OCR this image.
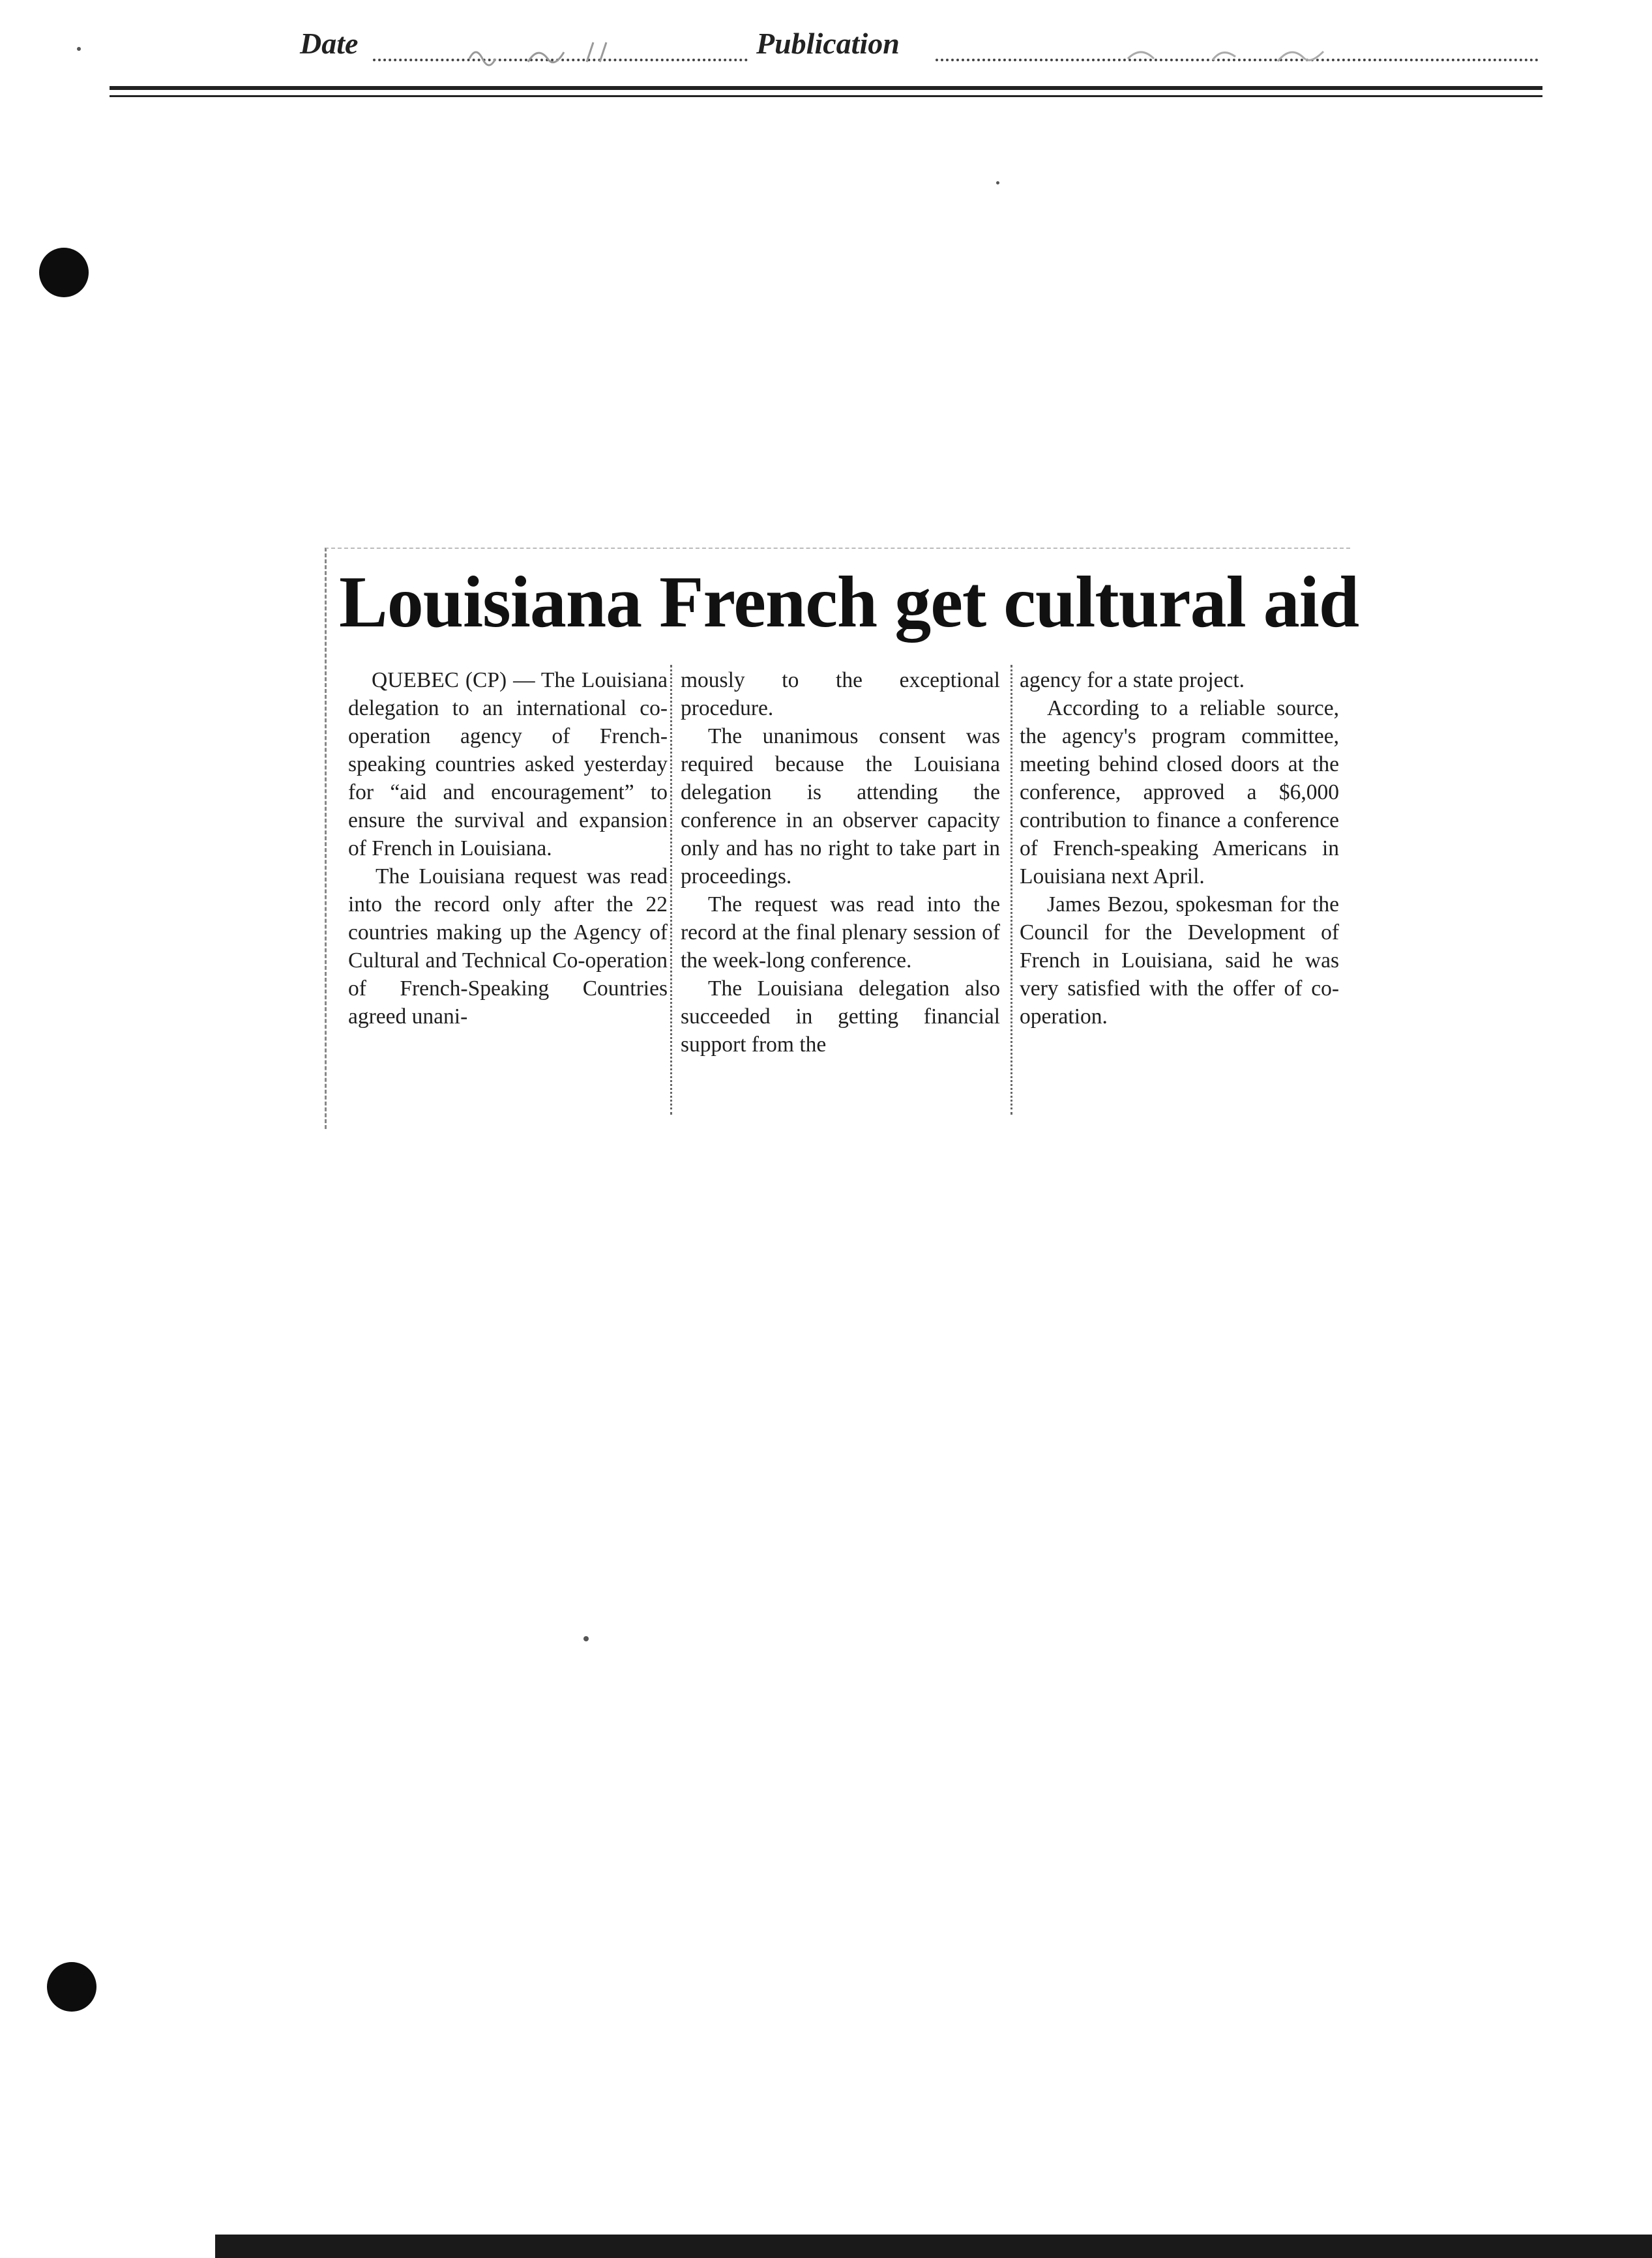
Date	Publication
Louisiana French get cultural aid

QUEBEC (CP) — The Louisiana delegation to an international co-operation agency of French-speaking countries asked yesterday for “aid and encouragement” to ensure the survival and expansion of French in Louisiana.

The Louisiana request was read into the record only after the 22 countries making up the Agency of Cultural and Technical Co-operation of French-Speaking Countries agreed unani-

mously to the exceptional procedure.

The unanimous consent was required because the Louisiana delegation is attending the conference in an observer capacity only and has no right to take part in proceedings.

The request was read into the record at the final plenary session of the week-long conference.

The Louisiana delegation also succeeded in getting financial support from the

agency for a state project.

According to a reliable source, the agency's program committee, meeting behind closed doors at the conference, approved a $6,000 contribution to finance a conference of French-speaking Americans in Louisiana next April.

James Bezou, spokesman for the Council for the Development of French in Louisiana, said he was very satisfied with the offer of co-operation.
